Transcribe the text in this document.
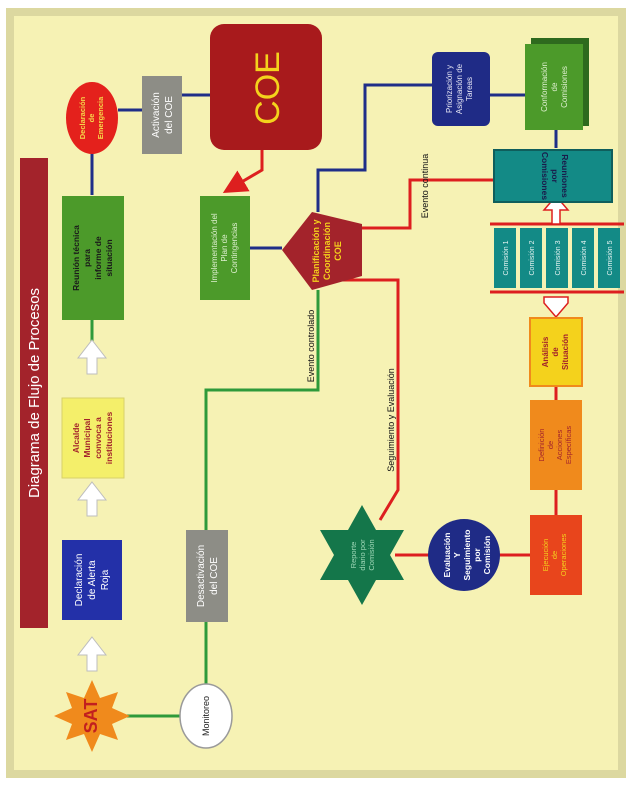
Diagrama de Flujo de Procesos
SAT	Monitoreo
Declaración de Alerta Roja
Alcalde Municipal convoca a instituciones
Reunión técnica para informe de situación
Declaración de Emergencia	Activación del COE COE
Implementación del Plan de Contingencias	Planificación y Coordinación COE
Priorización y Asignación de Tareas	Conformación de Comisiones
Reuniones
por
Comisiones
Comisión 1	Comisión 2	Comisión 3	Comisión 4	Comisión 5
Análisis de Situación
Definición de Acciones Específicas
Ejecución de Operaciones
Evaluación Y Seguimiento por Comisión
Reporte diario por Comisión
Desactivación del COE
Evento controlado
Seguimiento y Evaluación
Evento continua
